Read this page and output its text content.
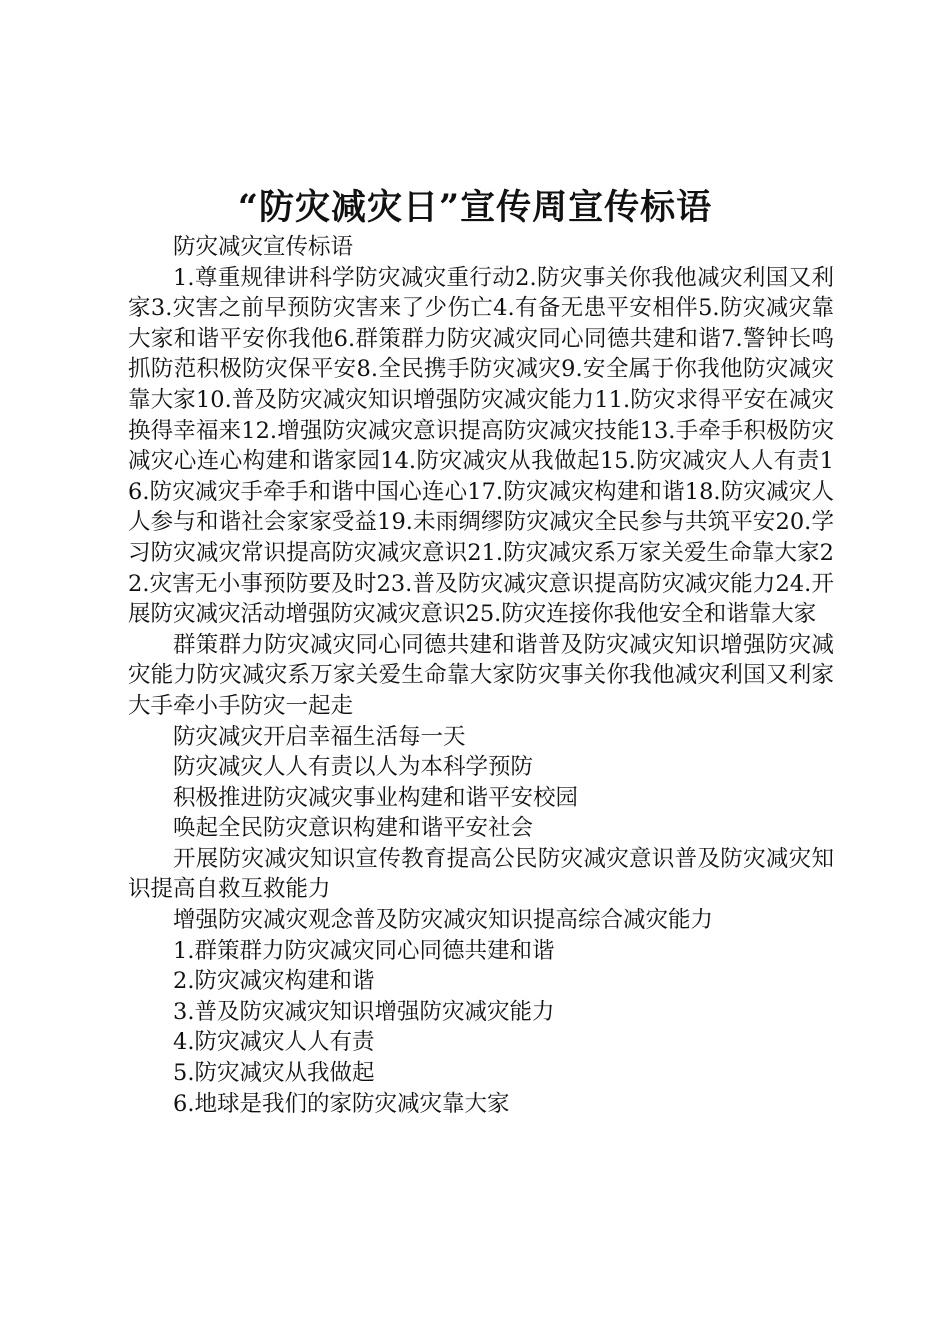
“防灾减灾日”宣传周宣传标语

防灾减灾宣传标语

1.尊重规律讲科学防灾减灾重行动2.防灾事关你我他减灾利国又利家3.灾害之前早预防灾害来了少伤亡4.有备无患平安相伴5.防灾减灾靠大家和谐平安你我他6.群策群力防灾减灾同心同德共建和谐7.警钟长鸣抓防范积极防灾保平安8.全民携手防灾减灾9.安全属于你我他防灾减灾靠大家10.普及防灾减灾知识增强防灾减灾能力11.防灾求得平安在减灾换得幸福来12.增强防灾减灾意识提高防灾减灾技能13.手牵手积极防灾减灾心连心构建和谐家园14.防灾减灾从我做起15.防灾减灾人人有责16.防灾减灾手牵手和谐中国心连心17.防灾减灾构建和谐18.防灾减灾人人参与和谐社会家家受益19.未雨绸缪防灾减灾全民参与共筑平安20.学习防灾减灾常识提高防灾减灾意识21.防灾减灾系万家关爱生命靠大家22.灾害无小事预防要及时23.普及防灾减灾意识提高防灾减灾能力24.开展防灾减灾活动增强防灾减灾意识25.防灾连接你我他安全和谐靠大家

群策群力防灾减灾同心同德共建和谐普及防灾减灾知识增强防灾减灾能力防灾减灾系万家关爱生命靠大家防灾事关你我他减灾利国又利家大手牵小手防灾一起走

防灾减灾开启幸福生活每一天

防灾减灾人人有责以人为本科学预防

积极推进防灾减灾事业构建和谐平安校园

唤起全民防灾意识构建和谐平安社会

开展防灾减灾知识宣传教育提高公民防灾减灾意识普及防灾减灾知识提高自救互救能力

增强防灾减灾观念普及防灾减灾知识提高综合减灾能力

1.群策群力防灾减灾同心同德共建和谐

2.防灾减灾构建和谐

3.普及防灾减灾知识增强防灾减灾能力

4.防灾减灾人人有责

5.防灾减灾从我做起

6.地球是我们的家防灾减灾靠大家
